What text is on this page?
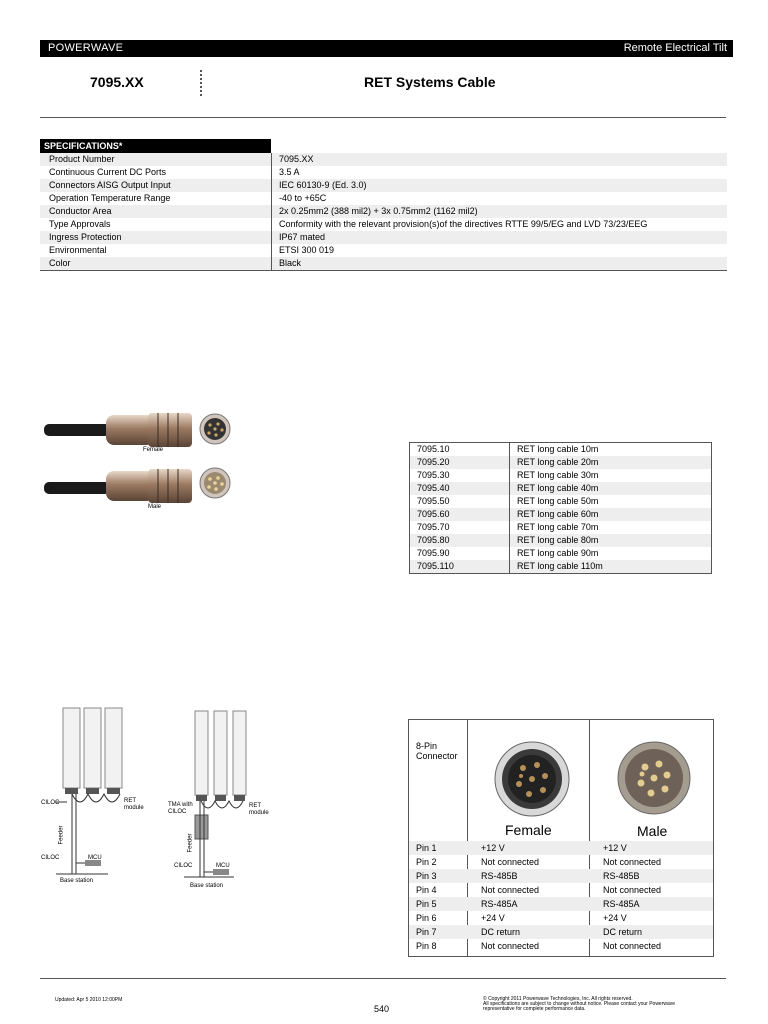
POWERWAVE	Remote Electrical Tilt
7095.XX	RET Systems Cable
SPECIFICATIONS*
Product Number	7095.XX
Continuous Current DC Ports	3.5 A
Connectors AISG Output Input	IEC 60130-9 (Ed. 3.0)
Operation Temperature Range	-40 to +65C
Conductor Area	2x 0.25mm2 (388 mil2) + 3x 0.75mm2 (1162 mil2)
Type Approvals	Conformity with the relevant provision(s)of the directives RTTE 99/5/EG and LVD 73/23/EEG
Ingress Protection	IP67 mated
Environmental	ETSI 300 019
Color	Black
Female
Male
7095.10	RET long cable 10m
7095.20	RET long cable 20m
7095.30	RET long cable 30m
7095.40	RET long cable 40m
7095.50	RET long cable 50m
7095.60	RET long cable 60m
7095.70	RET long cable 70m
7095.80	RET long cable 80m
7095.90	RET long cable 90m
7095.110	RET long cable 110m
CILOC	RET
module
Feeder
CILOC	MCU
Base station
TMA with
CILOC
RET
module
Feeder
CILOC	MCU
Base station
8-Pin Connector
Female	Male
Pin 1	+12 V	+12 V
Pin 2	Not connected	Not connected
Pin 3	RS-485B	RS-485B
Pin 4	Not connected	Not connected
Pin 5	RS-485A	RS-485A
Pin 6	+24 V	+24 V
Pin 7	DC return	DC return
Pin 8	Not connected	Not connected
Updated: Apr 5 2010 12:00PM
540
© Copyright 2011 Powerwave Technologies, Inc. All rights reserved.
All specifications are subject to change without notice. Please contact your Powerwave
representative for complete performance data.
